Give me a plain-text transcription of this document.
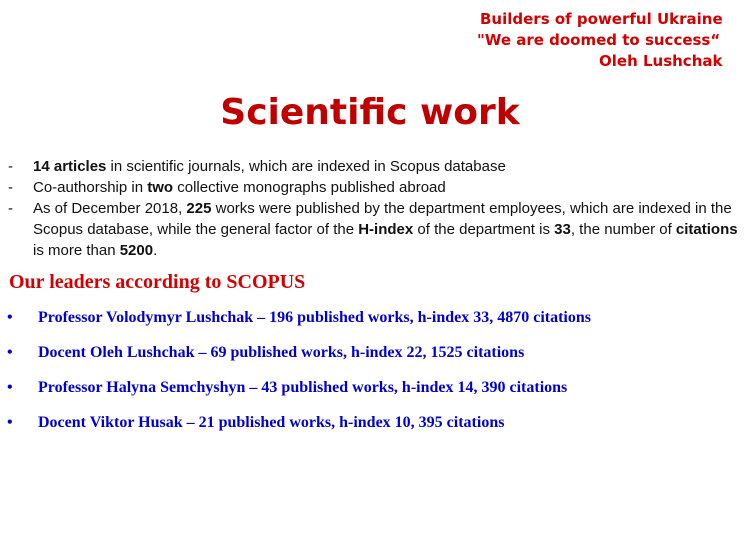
Builders of powerful Ukraine
"We are doomed to success“
Oleh Lushchak
Scientific work
- 14 articles in scientific journals, which are indexed in Scopus database
- Co-authorship in two collective monographs published abroad
- As of December 2018, 225 works were published by the department employees, which are indexed in the Scopus database, while the general factor of the H-index of the department is 33, the number of citations is more than 5200.
Our leaders according to SCOPUS
• Professor Volodymyr Lushchak – 196 published works, h-index 33, 4870 citations
• Docent Oleh Lushchak – 69 published works, h-index 22, 1525 citations
• Professor Halyna Semchyshyn – 43 published works, h-index 14, 390 citations
• Docent Viktor Husak – 21 published works, h-index 10, 395 citations
